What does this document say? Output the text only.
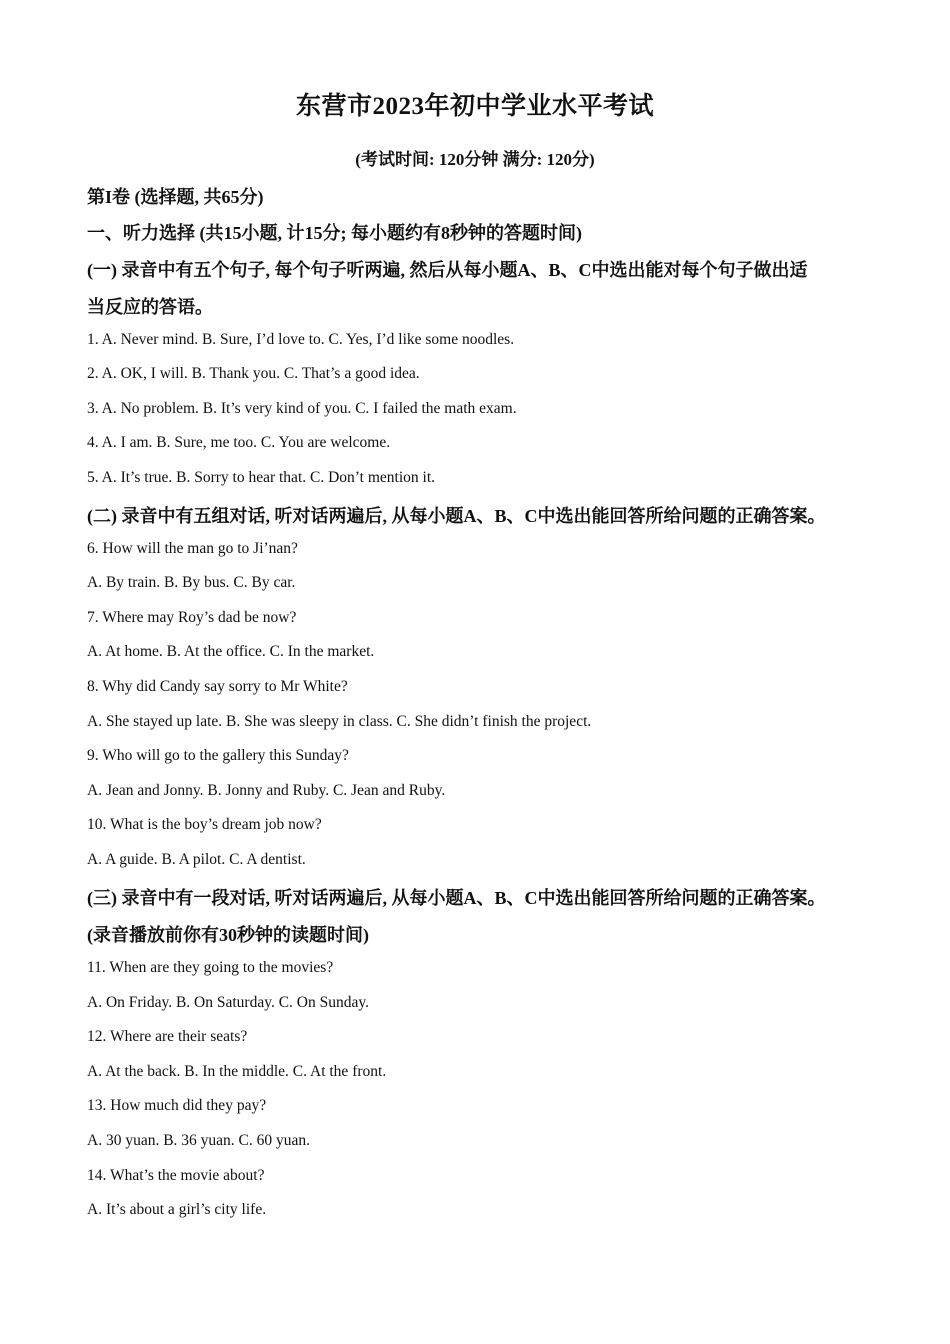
东营市2023年初中学业水平考试
(考试时间: 120分钟 满分: 120分)
第I卷 (选择题, 共65分)
一、听力选择 (共15小题, 计15分; 每小题约有8秒钟的答题时间)
(一) 录音中有五个句子, 每个句子听两遍, 然后从每小题A、B、C中选出能对每个句子做出适
当反应的答语。
1. A. Never mind. B. Sure, I’d love to. C. Yes, I’d like some noodles.
2. A. OK, I will. B. Thank you. C. That’s a good idea.
3. A. No problem. B. It’s very kind of you. C. I failed the math exam.
4. A. I am. B. Sure, me too. C. You are welcome.
5. A. It’s true. B. Sorry to hear that. C. Don’t mention it.
(二) 录音中有五组对话, 听对话两遍后, 从每小题A、B、C中选出能回答所给问题的正确答案。
6. How will the man go to Ji’nan?
A. By train. B. By bus. C. By car.
7. Where may Roy’s dad be now?
A. At home. B. At the office. C. In the market.
8. Why did Candy say sorry to Mr White?
A. She stayed up late. B. She was sleepy in class. C. She didn’t finish the project.
9. Who will go to the gallery this Sunday?
A. Jean and Jonny. B. Jonny and Ruby. C. Jean and Ruby.
10. What is the boy’s dream job now?
A. A guide. B. A pilot. C. A dentist.
(三) 录音中有一段对话, 听对话两遍后, 从每小题A、B、C中选出能回答所给问题的正确答案。
(录音播放前你有30秒钟的读题时间)
11. When are they going to the movies?
A. On Friday. B. On Saturday. C. On Sunday.
12. Where are their seats?
A. At the back. B. In the middle. C. At the front.
13. How much did they pay?
A. 30 yuan. B. 36 yuan. C. 60 yuan.
14. What’s the movie about?
A. It’s about a girl’s city life.
